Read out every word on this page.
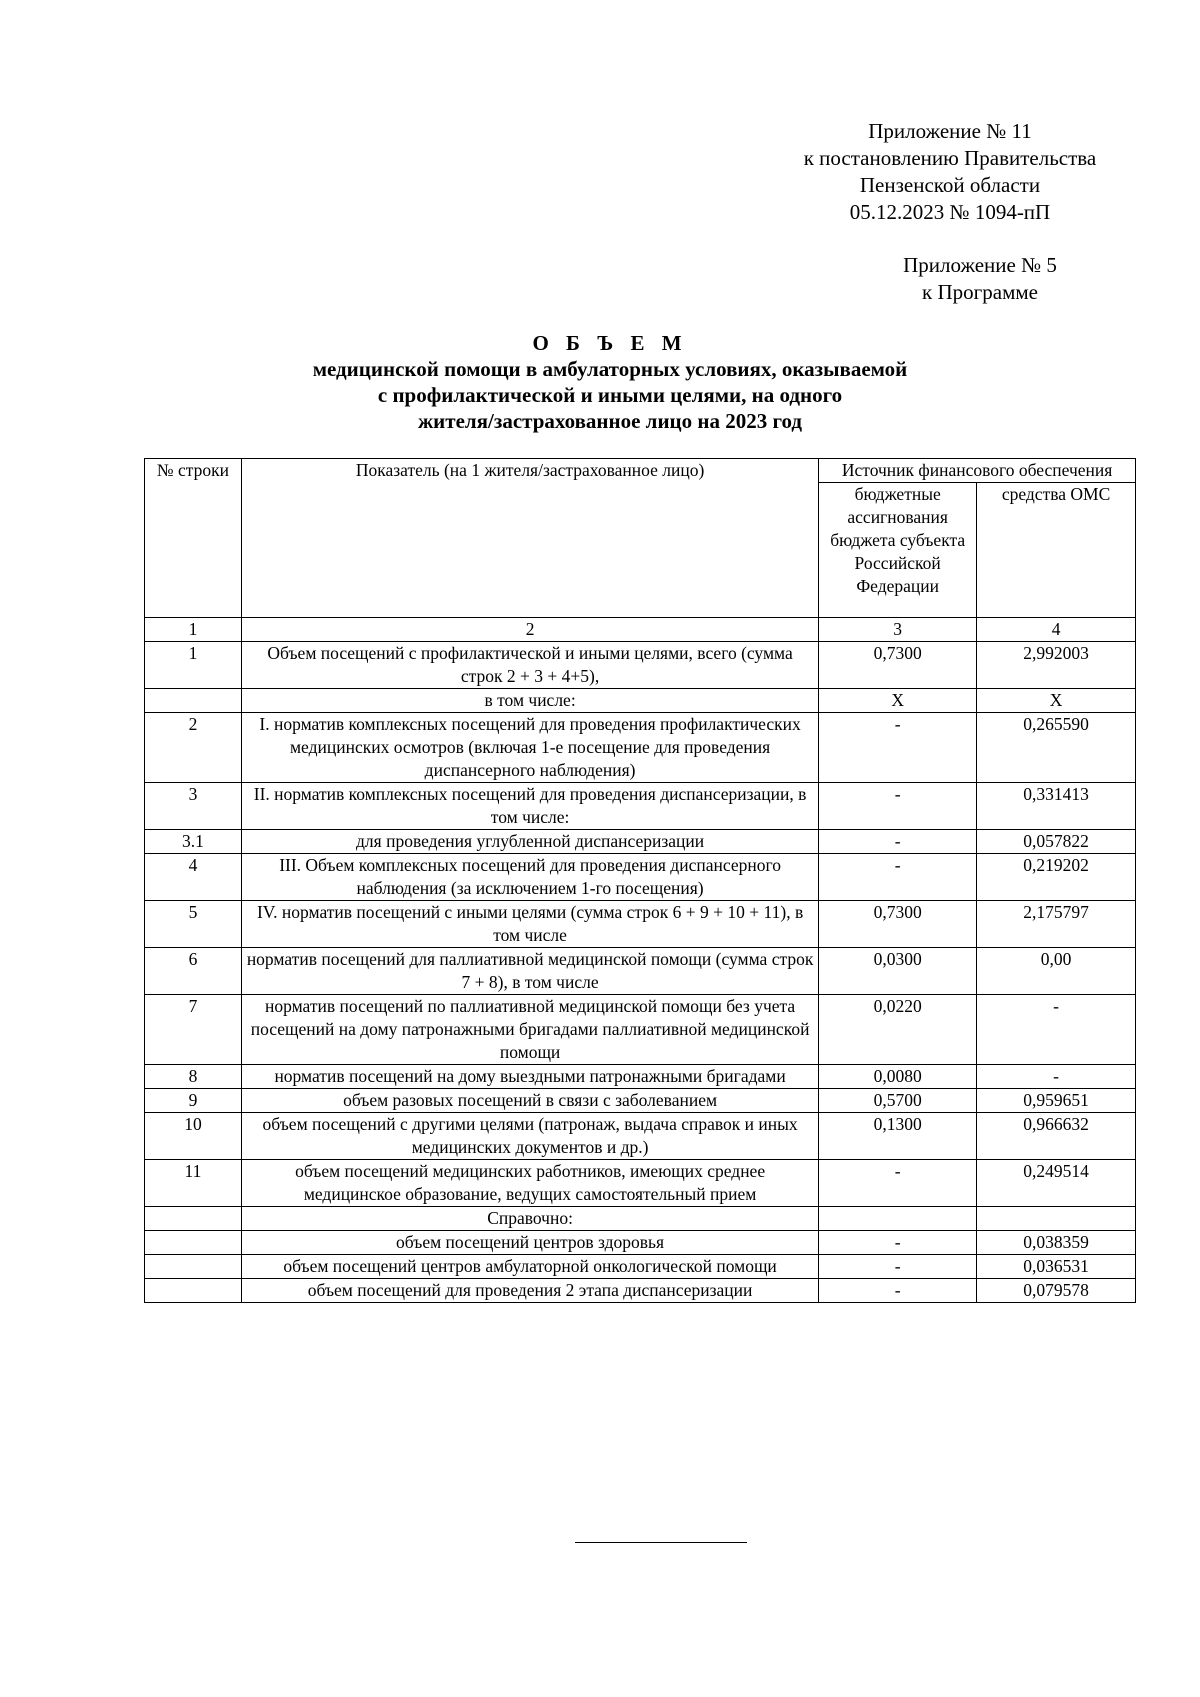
Приложение № 11
к постановлению Правительства
Пензенской области
05.12.2023 № 1094-пП
Приложение № 5
к Программе
О Б Ъ Е М
медицинской помощи в амбулаторных условиях, оказываемой
с профилактической и иными целями, на одного
жителя/застрахованное лицо на 2023 год
№ строки	Показатель (на 1 жителя/застрахованное лицо)	Источник финансового обеспечения	
		бюджетные ассигнования бюджета субъекта Российской Федерации	средства ОМС
1	2	3	4
1	Объем посещений с профилактической и иными целями, всего (сумма строк 2 + 3 + 4+5),	0,7300	2,992003
	в том числе:	X	X
2	I. норматив комплексных посещений для проведения профилактических медицинских осмотров (включая 1-е посещение для проведения диспансерного наблюдения)	-	0,265590
3	II. норматив комплексных посещений для проведения диспансеризации, в том числе:	-	0,331413
3.1	для проведения углубленной диспансеризации	-	0,057822
4	III. Объем комплексных посещений для проведения диспансерного наблюдения (за исключением 1-го посещения)	-	0,219202
5	IV. норматив посещений с иными целями (сумма строк 6 + 9 + 10 + 11), в том числе	0,7300	2,175797
6	норматив посещений для паллиативной медицинской помощи (сумма строк 7 + 8), в том числе	0,0300	0,00
7	норматив посещений по паллиативной медицинской помощи без учета посещений на дому патронажными бригадами паллиативной медицинской помощи	0,0220	-
8	норматив посещений на дому выездными патронажными бригадами	0,0080	-
9	объем разовых посещений в связи с заболеванием	0,5700	0,959651
10	объем посещений с другими целями (патронаж, выдача справок и иных медицинских документов и др.)	0,1300	0,966632
11	объем посещений медицинских работников, имеющих среднее медицинское образование, ведущих самостоятельный прием	-	0,249514
	Справочно:		
	объем посещений центров здоровья	-	0,038359
	объем посещений центров амбулаторной онкологической помощи	-	0,036531
	объем посещений для проведения 2 этапа диспансеризации	-	0,079578
